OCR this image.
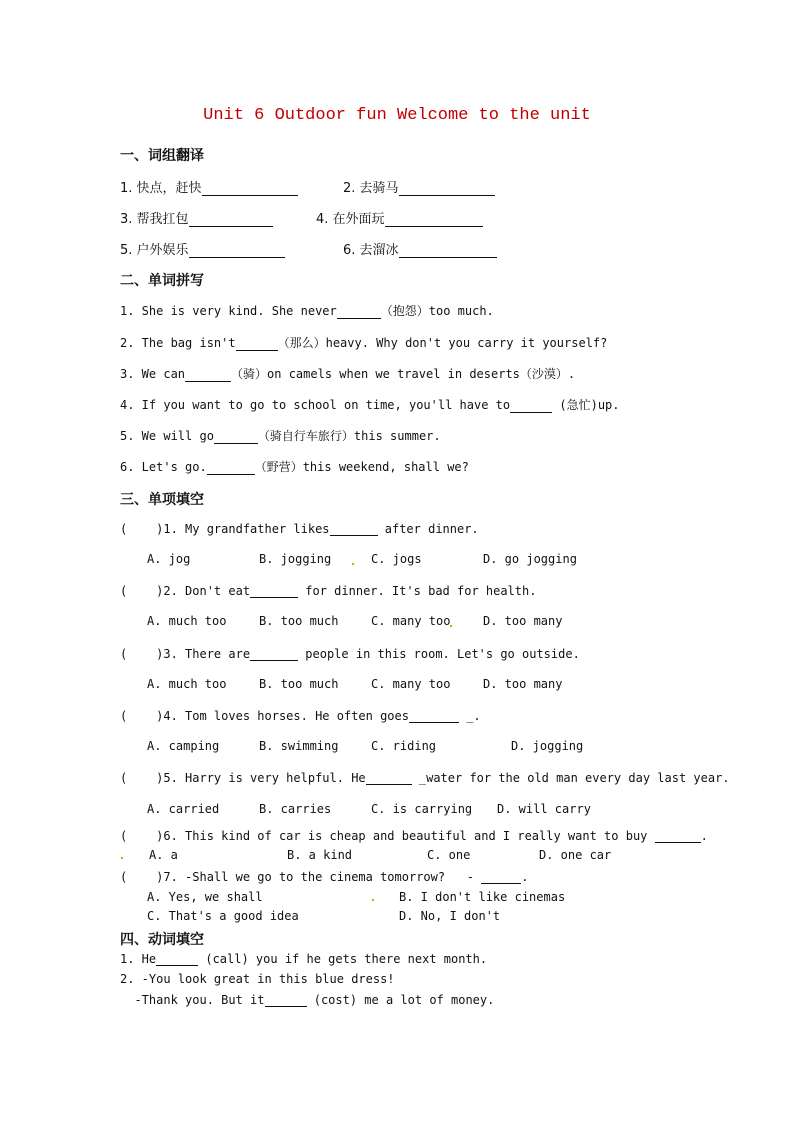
Unit 6 Outdoor fun Welcome to the unit
一、词组翻译
1. 快点，赶快	2. 去骑马
3. 帮我扛包	4. 在外面玩
5. 户外娱乐	6. 去溜冰
二、单词拼写
1. She is very kind. She never	（抱怨）too much.
2. The bag isn't	（那么）heavy. Why don't you carry it yourself?
3. We can	（骑）on camels when we travel in deserts（沙漠）.
4. If you want to go to school on time, you'll have to	(急忙)up.
5. We will go	（骑自行车旅行）this summer.
6. Let's go.	（野营）this weekend, shall we?
三、单项填空
(    )1. My grandfather likes	after dinner.
A. jog	B. jogging	C. jogs	D. go jogging
(    )2. Don't eat	for dinner. It's bad for health.
A. much too	B. too much	C. many too	D. too many
(    )3. There are	people in this room. Let's go outside.
A. much too	B. too much	C. many too	D. too many
(    )4. Tom loves horses. He often goes	_.
A. camping	B. swimming	C. riding	D. jogging
(    )5. Harry is very helpful. He	_water for the old man every day last year.
A. carried	B. carries	C. is carrying D. will carry
(    )6. This kind of car is cheap and beautiful and I really want to buy	.
A. a	B. a kind	C. one	D. one car
(    )7. -Shall we go to the cinema tomorrow?   -	.
A. Yes, we shall	B. I don't like cinemas
C. That's a good idea	D. No, I don't
四、动词填空
1. He	(call) you if he gets there next month.
2. -You look great in this blue dress!
-Thank you. But it	(cost) me a lot of money.
